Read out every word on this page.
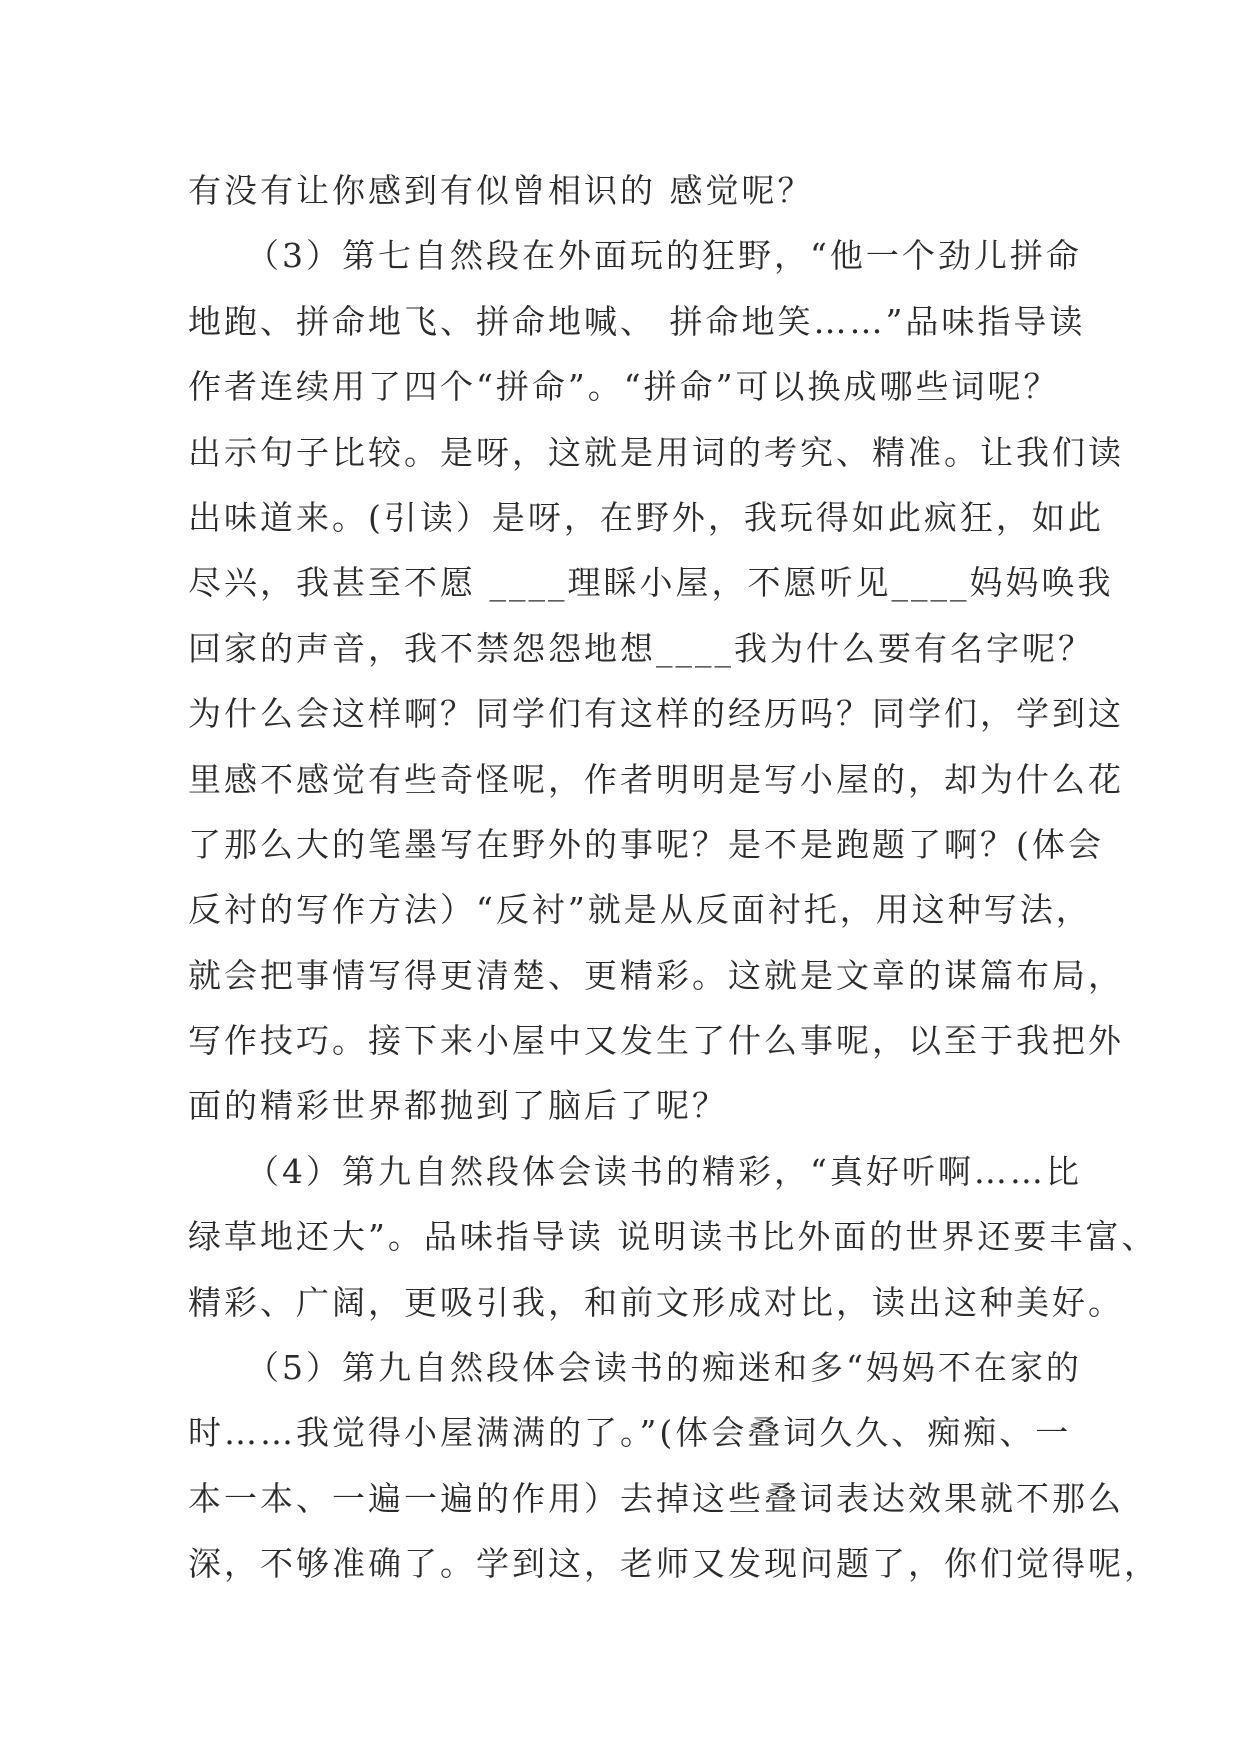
有没有让你感到有似曾相识的 感觉呢？
（3）第七自然段在外面玩的狂野，“他一个劲儿拼命
地跑、拼命地飞、拼命地喊、 拼命地笑……”品味指导读
作者连续用了四个“拼命”。“拼命”可以换成哪些词呢？
出示句子比较。是呀，这就是用词的考究、精准。让我们读
出味道来。(引读）是呀，在野外，我玩得如此疯狂，如此
尽兴，我甚至不愿 ____理睬小屋，不愿听见____妈妈唤我
回家的声音，我不禁怨怨地想____我为什么要有名字呢？
为什么会这样啊？同学们有这样的经历吗？同学们，学到这
里感不感觉有些奇怪呢，作者明明是写小屋的，却为什么花
了那么大的笔墨写在野外的事呢？是不是跑题了啊？(体会
反衬的写作方法）“反衬”就是从反面衬托，用这种写法，
就会把事情写得更清楚、更精彩。这就是文章的谋篇布局，
写作技巧。接下来小屋中又发生了什么事呢，以至于我把外
面的精彩世界都抛到了脑后了呢？
（4）第九自然段体会读书的精彩，“真好听啊……比
绿草地还大”。品味指导读 说明读书比外面的世界还要丰富、
精彩、广阔，更吸引我，和前文形成对比，读出这种美好。
（5）第九自然段体会读书的痴迷和多“妈妈不在家的
时……我觉得小屋满满的了。”(体会叠词久久、痴痴、一
本一本、一遍一遍的作用）去掉这些叠词表达效果就不那么
深，不够准确了。学到这，老师又发现问题了，你们觉得呢，
